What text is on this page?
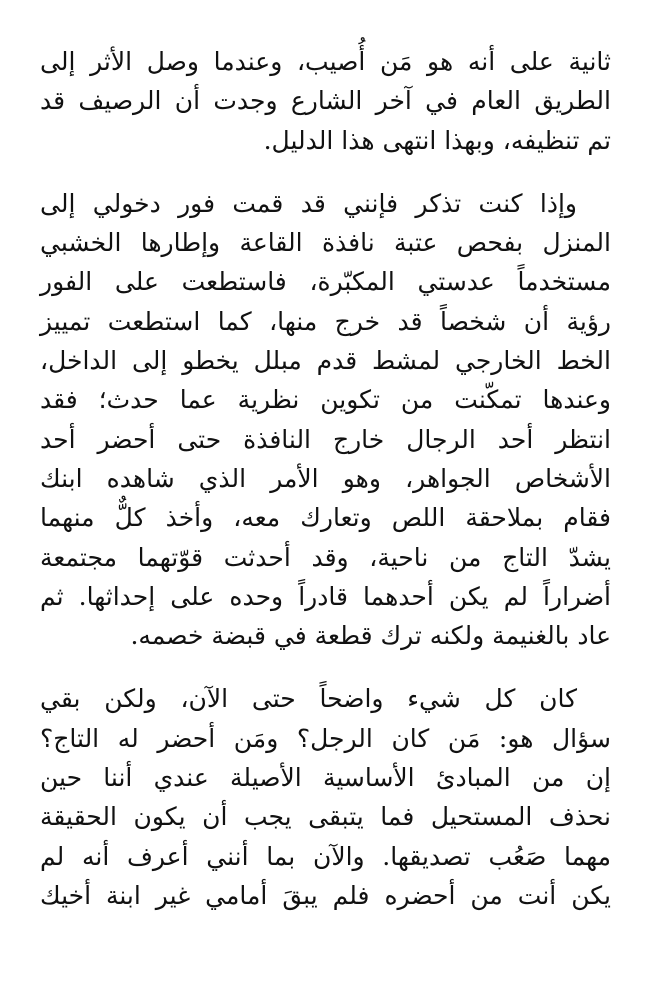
ثانية على أنه هو مَن أُصيب، وعندما وصل الأثر إلى
الطريق العام في آخر الشارع وجدت أن الرصيف قد
تم تنظيفه، وبهذا انتهى هذا الدليل.
وإذا كنت تذكر فإنني قد قمت فور دخولي إلى
المنزل بفحص عتبة نافذة القاعة وإطارها الخشبي
مستخدماً عدستي المكبّرة، فاستطعت على الفور
رؤية أن شخصاً قد خرج منها، كما استطعت تمييز
الخط الخارجي لمشط قدم مبلل يخطو إلى الداخل،
وعندها تمكّنت من تكوين نظرية عما حدث؛ فقد
انتظر أحد الرجال خارج النافذة حتى أحضر أحد
الأشخاص الجواهر، وهو الأمر الذي شاهده ابنك
فقام بملاحقة اللص وتعارك معه، وأخذ كلٌّ منهما
يشدّ التاج من ناحية، وقد أحدثت قوّتهما مجتمعة
أضراراً لم يكن أحدهما قادراً وحده على إحداثها. ثم
عاد بالغنيمة ولكنه ترك قطعة في قبضة خصمه.
كان كل شيء واضحاً حتى الآن، ولكن بقي
سؤال هو: مَن كان الرجل؟ ومَن أحضر له التاج؟
إن من المبادئ الأساسية الأصيلة عندي أننا حين
نحذف المستحيل فما يتبقى يجب أن يكون الحقيقة
مهما صَعُب تصديقها. والآن بما أنني أعرف أنه لم
يكن أنت من أحضره فلم يبقَ أمامي غير ابنة أخيك
